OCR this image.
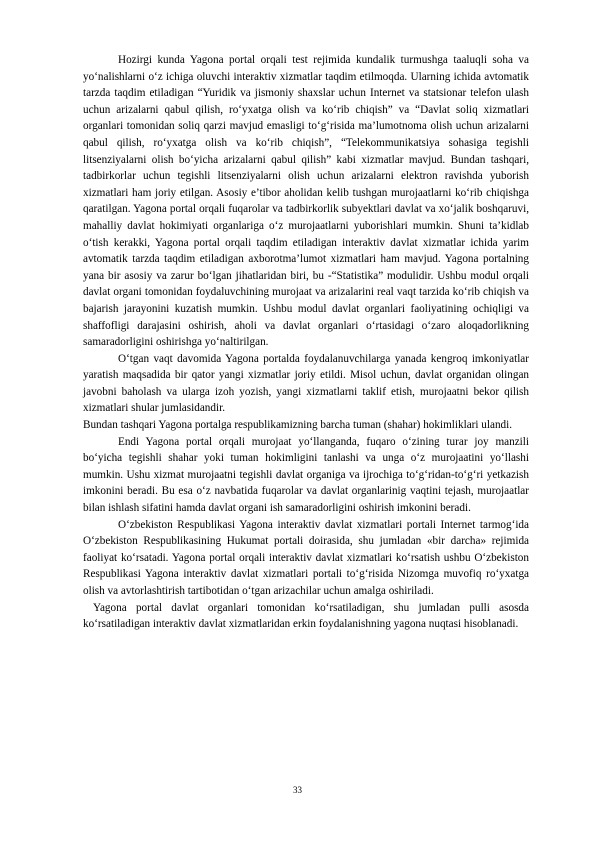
Hozirgi kunda Yagona portal orqali test rejimida kundalik turmushga taaluqli soha va yo‘nalishlarni o‘z ichiga oluvchi interaktiv xizmatlar taqdim etilmoqda. Ularning ichida avtomatik tarzda taqdim etiladigan “Yuridik va jismoniy shaxslar uchun Internet va statsionar telefon ulash uchun arizalarni qabul qilish, ro‘yxatga olish va ko‘rib chiqish” va “Davlat soliq xizmatlari organlari tomonidan soliq qarzi mavjud emasligi to‘g‘risida ma’lumotnoma olish uchun arizalarni qabul qilish, ro‘yxatga olish va ko‘rib chiqish”, “Telekommunikatsiya sohasiga tegishli litsenziyalarni olish bo‘yicha arizalarni qabul qilish” kabi xizmatlar mavjud. Bundan tashqari, tadbirkorlar uchun tegishli litsenziyalarni olish uchun arizalarni elektron ravishda yuborish xizmatlari ham joriy etilgan. Asosiy e’tibor aholidan kelib tushgan murojaatlarni ko‘rib chiqishga qaratilgan. Yagona portal orqali fuqarolar va tadbirkorlik subyektlari davlat va xo‘jalik boshqaruvi, mahalliy davlat hokimiyati organlariga o‘z murojaatlarni yuborishlari mumkin. Shuni ta’kidlab o‘tish kerakki, Yagona portal orqali taqdim etiladigan interaktiv davlat xizmatlar ichida yarim avtomatik tarzda taqdim etiladigan axborotma’lumot xizmatlari ham mavjud. Yagona portalning yana bir asosiy va zarur bo‘lgan jihatlaridan biri, bu -“Statistika” modulidir. Ushbu modul orqali davlat organi tomonidan foydaluvchining murojaat va arizalarini real vaqt tarzida ko‘rib chiqish va bajarish jarayonini kuzatish mumkin. Ushbu modul davlat organlari faoliyatining ochiqligi va shaffofligi darajasini oshirish, aholi va davlat organlari o‘rtasidagi o‘zaro aloqadorlikning samaradorligini oshirishga yo‘naltirilgan.

O‘tgan vaqt davomida Yagona portalda foydalanuvchilarga yanada kengroq imkoniyatlar yaratish maqsadida bir qator yangi xizmatlar joriy etildi. Misol uchun, davlat organidan olingan javobni baholash va ularga izoh yozish, yangi xizmatlarni taklif etish, murojaatni bekor qilish xizmatlari shular jumlasidandir.

Bundan tashqari Yagona portalga respublikamizning barcha tuman (shahar) hokimliklari ulandi.

Endi Yagona portal orqali murojaat yo‘llanganda, fuqaro o‘zining turar joy manzili bo‘yicha tegishli shahar yoki tuman hokimligini tanlashi va unga o‘z murojaatini yo‘llashi mumkin. Ushu xizmat murojaatni tegishli davlat organiga va ijrochiga to‘g‘ridan-to‘g‘ri yetkazish imkonini beradi. Bu esa o‘z navbatida fuqarolar va davlat organlarinig vaqtini tejash, murojaatlar bilan ishlash sifatini hamda davlat organi ish samaradorligini oshirish imkonini beradi.

O‘zbekiston Respublikasi Yagona interaktiv davlat xizmatlari portali Internet tarmog‘ida O‘zbekiston Respublikasining Hukumat portali doirasida, shu jumladan «bir darcha» rejimida faoliyat ko‘rsatadi. Yagona portal orqali interaktiv davlat xizmatlari ko‘rsatish ushbu O‘zbekiston Respublikasi Yagona interaktiv davlat xizmatlari portali to‘g‘risida Nizomga muvofiq ro‘yxatga olish va avtorlashtirish tartibotidan o‘tgan arizachilar uchun amalga oshiriladi.

Yagona portal davlat organlari tomonidan ko‘rsatiladigan, shu jumladan pulli asosda ko‘rsatiladigan interaktiv davlat xizmatlaridan erkin foydalanishning yagona nuqtasi hisoblanadi.

33
